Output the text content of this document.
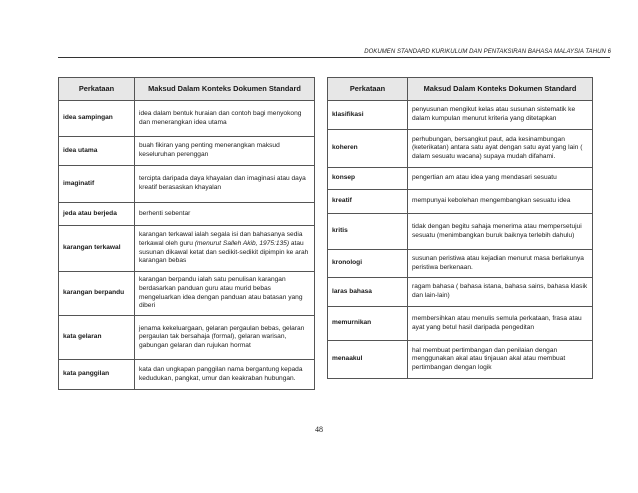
DOKUMEN STANDARD KURIKULUM DAN PENTAKSIRAN BAHASA MALAYSIA TAHUN 6
Perkataan	Maksud Dalam Konteks Dokumen Standard
idea sampingan	idea dalam bentuk huraian dan contoh bagi menyokong dan menerangkan idea utama
idea utama	buah fikiran yang penting menerangkan maksud keseluruhan perenggan
imaginatif	tercipta daripada daya khayalan dan imaginasi atau daya kreatif berasaskan khayalan
jeda atau berjeda	berhenti sebentar
karangan terkawal	karangan terkawal ialah segala isi dan bahasanya sedia terkawal oleh guru (menurut Salleh Akib, 1975:135) atau susunan dikawal ketat dan sedikit-sedikit dipimpin ke arah karangan bebas
karangan berpandu	karangan berpandu ialah satu penulisan karangan berdasarkan panduan guru atau murid bebas mengeluarkan idea dengan panduan atau batasan yang diberi
kata gelaran	jenama kekeluargaan, gelaran pergaulan bebas, gelaran pergaulan tak bersahaja (formal), gelaran warisan, gabungan gelaran dan rujukan hormat
kata panggilan	kata dan ungkapan panggilan nama bergantung kepada kedudukan, pangkat, umur dan keakraban hubungan.
Perkataan	Maksud Dalam Konteks Dokumen Standard
klasifikasi	penyusunan mengikut kelas atau susunan sistematik ke dalam kumpulan menurut kriteria yang ditetapkan
koheren	perhubungan, bersangkut paut, ada kesinambungan (keterikatan) antara satu ayat dengan satu ayat yang lain ( dalam sesuatu wacana) supaya mudah difahami.
konsep	pengertian am atau idea yang mendasari sesuatu
kreatif	mempunyai kebolehan mengembangkan sesuatu idea
kritis	tidak dengan begitu sahaja menerima atau mempersetujui sesuatu (menimbangkan buruk baiknya terlebih dahulu)
kronologi	susunan peristiwa atau kejadian menurut masa berlakunya peristiwa berkenaan.
laras bahasa	ragam bahasa ( bahasa istana, bahasa sains, bahasa klasik dan lain-lain)
memurnikan	membersihkan atau menulis semula perkataan, frasa atau ayat yang betul hasil daripada pengeditan
menaakul	hal membuat pertimbangan dan penilaian dengan menggunakan akal atau tinjauan akal atau membuat pertimbangan dengan logik
48
